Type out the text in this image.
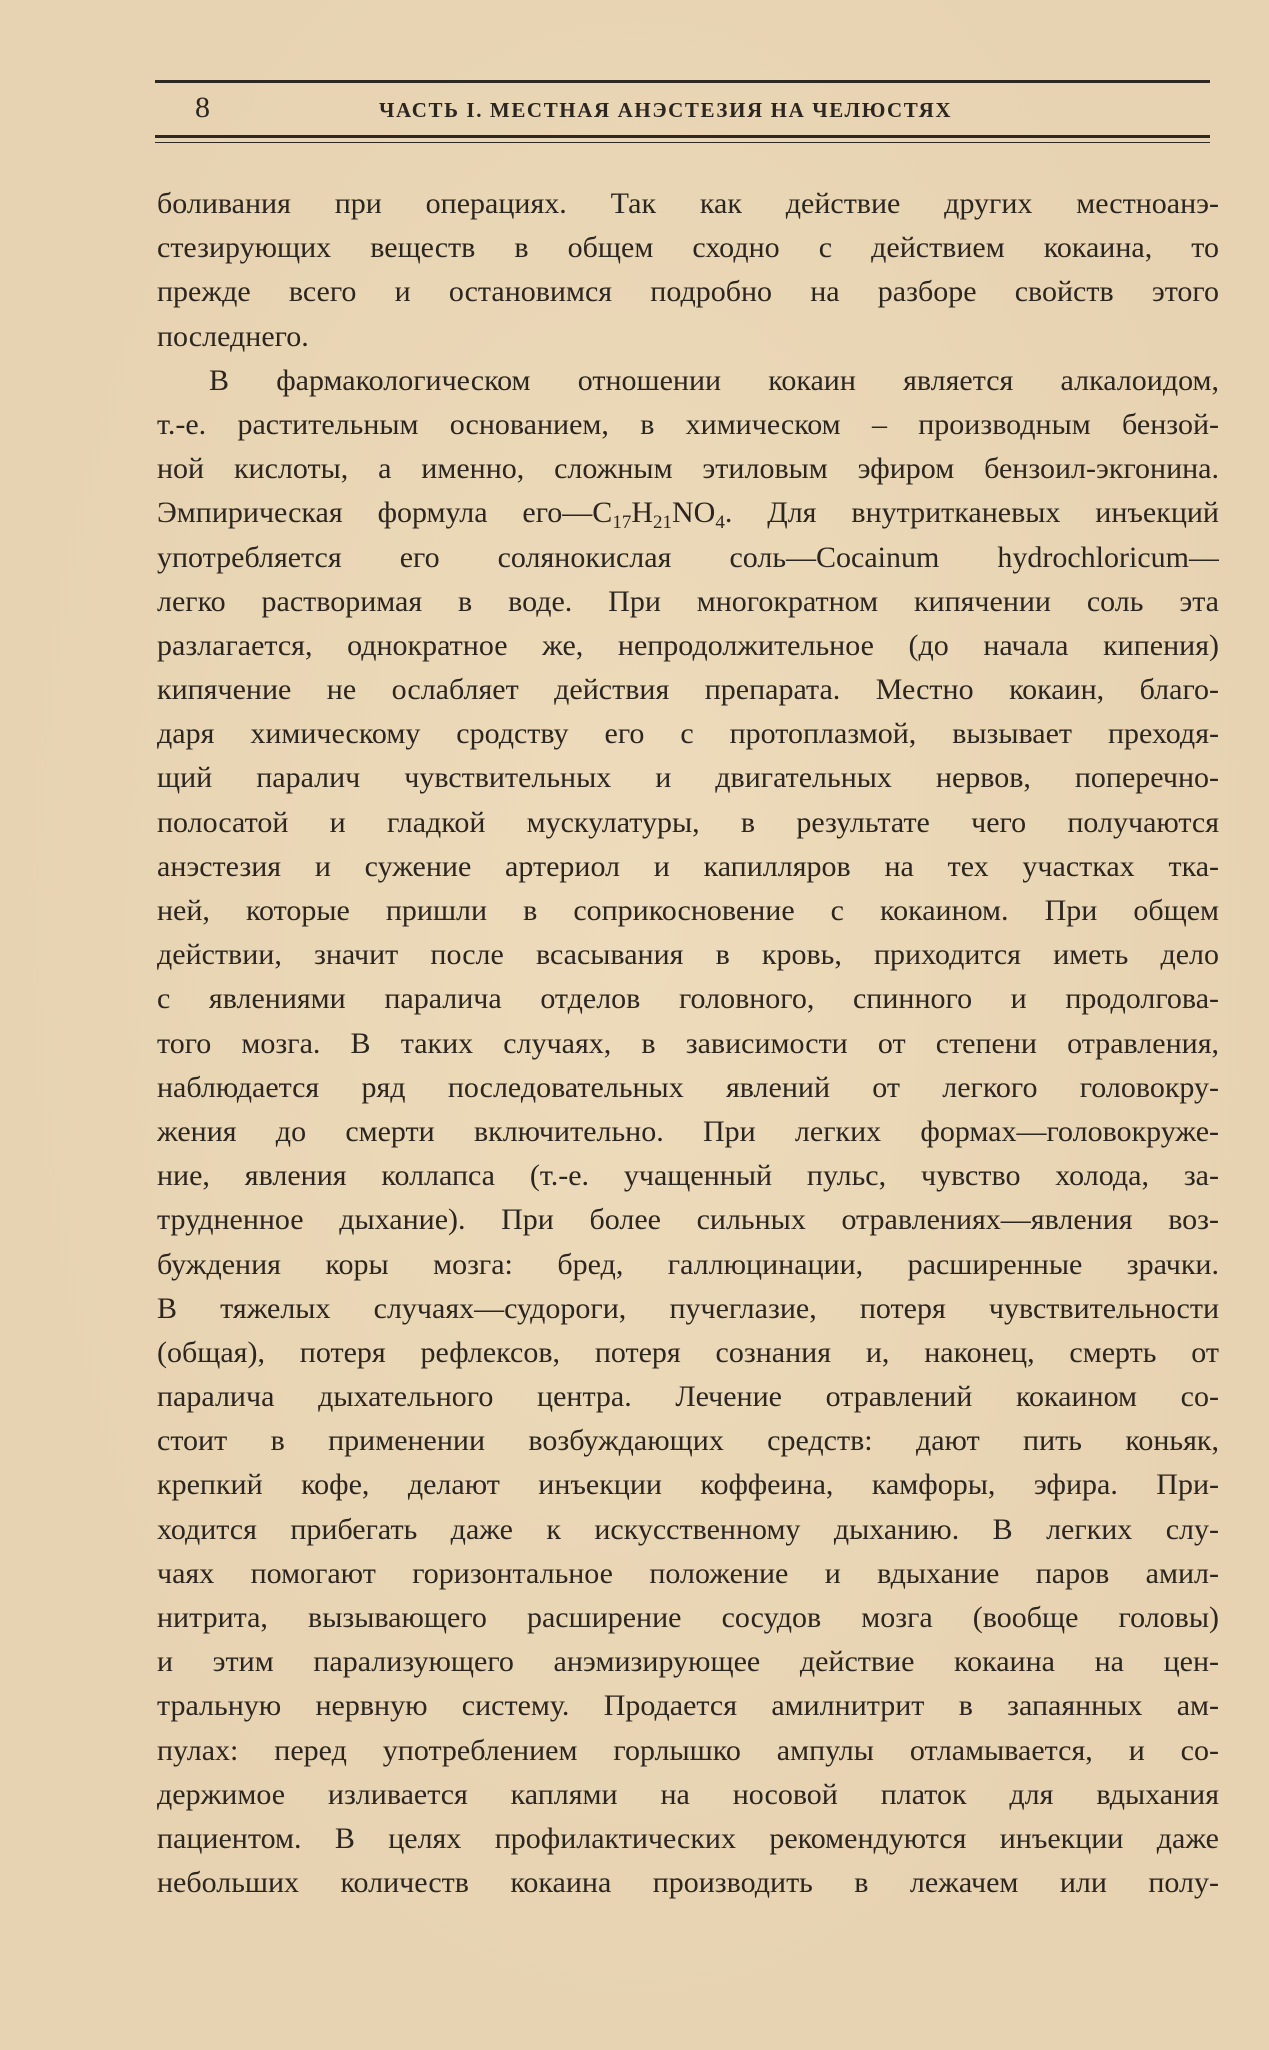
8	ЧАСТЬ I. МЕСТНАЯ АНЭСТЕЗИЯ НА ЧЕЛЮСТЯХ
боливания при операциях. Так как действие других местноанэ-
стезирующих веществ в общем сходно с действием кокаина, то
прежде всего и остановимся подробно на разборе свойств этого
последнего.
В фармакологическом отношении кокаин является алкалоидом,
т.-е. растительным основанием, в химическом – производным бензой-
ной кислоты, а именно, сложным этиловым эфиром бензоил-экгонина.
Эмпирическая формула $его—C_{17}H_{21}NO_4$. Для внутритканевых инъекций
употребляется его солянокислая соль—Cocainum hydrochloricum—
легко растворимая в воде. При многократном кипячении соль эта
разлагается, однократное же, непродолжительное (до начала кипения)
кипячение не ослабляет действия препарата. Местно кокаин, благо-
даря химическому сродству его с протоплазмой, вызывает преходя-
щий паралич чувствительных и двигательных нервов, поперечно-
полосатой и гладкой мускулатуры, в результате чего получаются
анэстезия и сужение артериол и капилляров на тех участках тка-
ней, которые пришли в соприкосновение с кокаином. При общем
действии, значит после всасывания в кровь, приходится иметь дело
с явлениями паралича отделов головного, спинного и продолгова-
того мозга. В таких случаях, в зависимости от степени отравления,
наблюдается ряд последовательных явлений от легкого головокру-
жения до смерти включительно. При легких формах—головокруже-
ние, явления коллапса (т.-е. учащенный пульс, чувство холода, за-
трудненное дыхание). При более сильных отравлениях—явления воз-
буждения коры мозга: бред, галлюцинации, расширенные зрачки.
В тяжелых случаях—судороги, пучеглазие, потеря чувствительности
(общая), потеря рефлексов, потеря сознания и, наконец, смерть от
паралича дыхательного центра. Лечение отравлений кокаином со-
стоит в применении возбуждающих средств: дают пить коньяк,
крепкий кофе, делают инъекции коффеина, камфоры, эфира. При-
ходится прибегать даже к искусственному дыханию. В легких слу-
чаях помогают горизонтальное положение и вдыхание паров амил-
нитрита, вызывающего расширение сосудов мозга (вообще головы)
и этим парализующего анэмизирующее действие кокаина на цен-
тральную нервную систему. Продается амилнитрит в запаянных ам-
пулах: перед употреблением горлышко ампулы отламывается, и со-
держимое изливается каплями на носовой платок для вдыхания
пациентом. В целях профилактических рекомендуются инъекции даже
небольших количеств кокаина производить в лежачем или полу-
